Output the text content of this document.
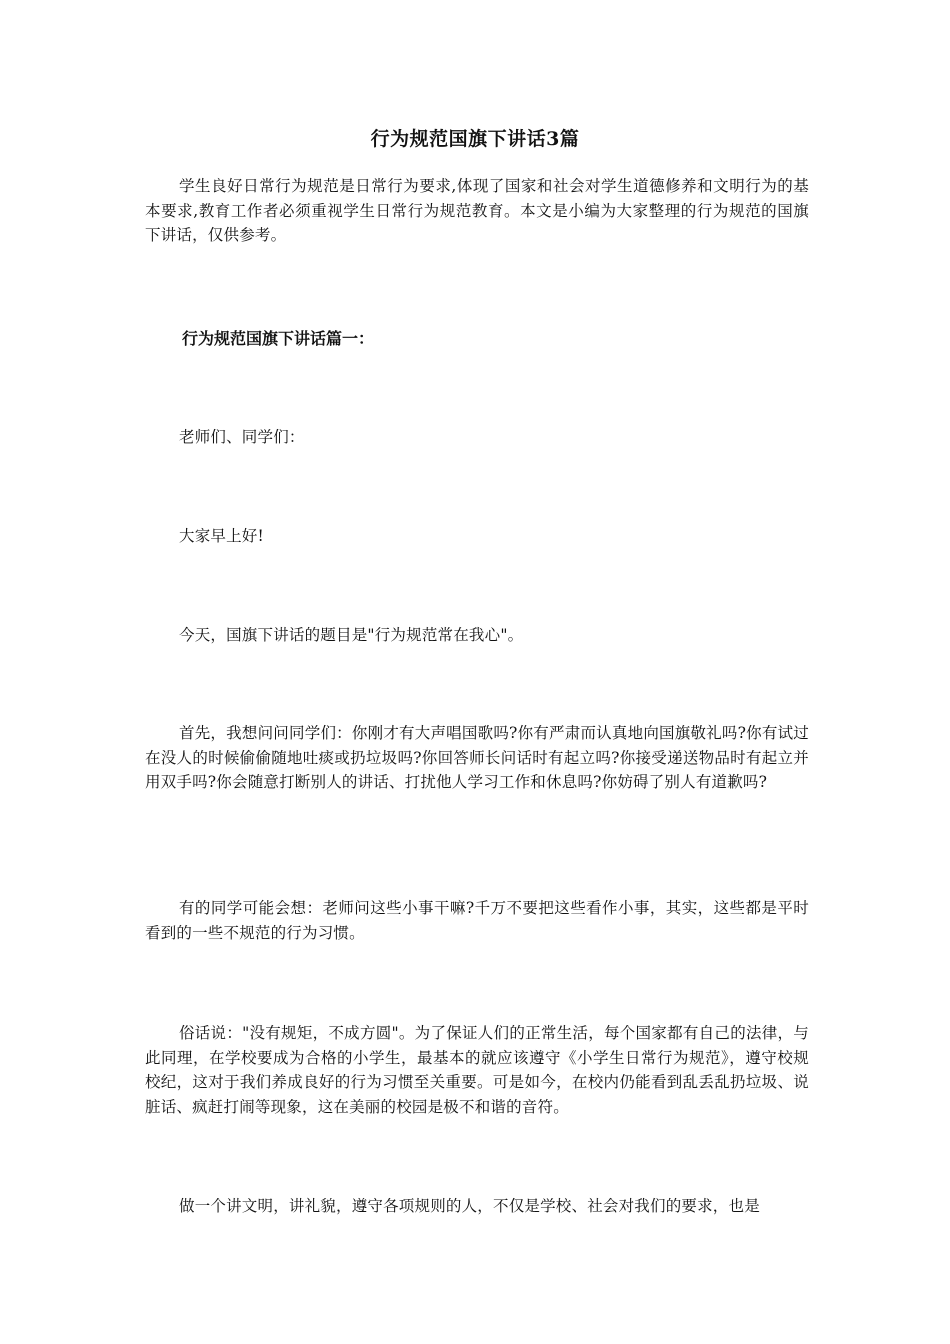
行为规范国旗下讲话3篇

学生良好日常行为规范是日常行为要求,体现了国家和社会对学生道德修养和文明行为的基本要求,教育工作者必须重视学生日常行为规范教育。本文是小编为大家整理的行为规范的国旗下讲话，仅供参考。

行为规范国旗下讲话篇一：

老师们、同学们：

大家早上好!

今天，国旗下讲话的题目是"行为规范常在我心"。

首先，我想问问同学们：你刚才有大声唱国歌吗?你有严肃而认真地向国旗敬礼吗?你有试过在没人的时候偷偷随地吐痰或扔垃圾吗?你回答师长问话时有起立吗?你接受递送物品时有起立并用双手吗?你会随意打断别人的讲话、打扰他人学习工作和休息吗?你妨碍了别人有道歉吗?

有的同学可能会想：老师问这些小事干嘛?千万不要把这些看作小事，其实，这些都是平时看到的一些不规范的行为习惯。

俗话说："没有规矩，不成方圆"。为了保证人们的正常生活，每个国家都有自己的法律，与此同理，在学校要成为合格的小学生，最基本的就应该遵守《小学生日常行为规范》，遵守校规校纪，这对于我们养成良好的行为习惯至关重要。可是如今，在校内仍能看到乱丢乱扔垃圾、说脏话、疯赶打闹等现象，这在美丽的校园是极不和谐的音符。

做一个讲文明，讲礼貌，遵守各项规则的人，不仅是学校、社会对我们的要求，也是
